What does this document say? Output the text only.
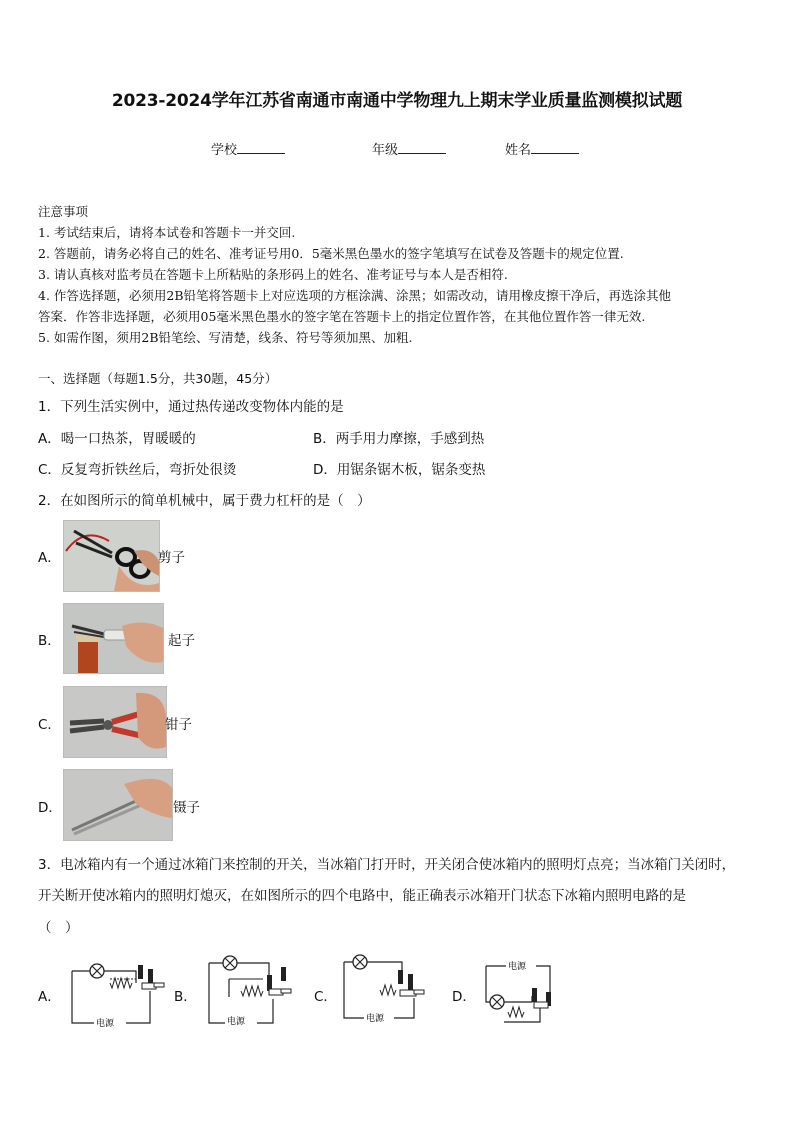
2023-2024学年江苏省南通市南通中学物理九上期末学业质量监测模拟试题
学校	年级	姓名
注意事项
1. 考试结束后，请将本试卷和答题卡一并交回.
2. 答题前，请务必将自己的姓名、准考证号用0．5毫米黑色墨水的签字笔填写在试卷及答题卡的规定位置.
3. 请认真核对监考员在答题卡上所粘贴的条形码上的姓名、准考证号与本人是否相符.
4. 作答选择题，必须用2B铅笔将答题卡上对应选项的方框涂满、涂黑；如需改动，请用橡皮擦干净后，再选涂其他
答案．作答非选择题，必须用05毫米黑色墨水的签字笔在答题卡上的指定位置作答，在其他位置作答一律无效.
5. 如需作图，须用2B铅笔绘、写清楚，线条、符号等须加黑、加粗.
一、选择题（每题1.5分，共30题，45分）
1．下列生活实例中，通过热传递改变物体内能的是
A．喝一口热茶，胃暖暖的	B．两手用力摩擦，手感到热
C．反复弯折铁丝后，弯折处很烫	D．用锯条锯木板，锯条变热
2．在如图所示的简单机械中，属于费力杠杆的是（　）
A．	剪子
B．	起子
C．	钳子
D．	镊子
3．电冰箱内有一个通过冰箱门来控制的开关，当冰箱门打开时，开关闭合使冰箱内的照明灯点亮；当冰箱门关闭时，
开关断开使冰箱内的照明灯熄灭，在如图所示的四个电路中，能正确表示冰箱开门状态下冰箱内照明电路的是
（　）
A．
电源
B．
电源
C．
电源
D．
电源
